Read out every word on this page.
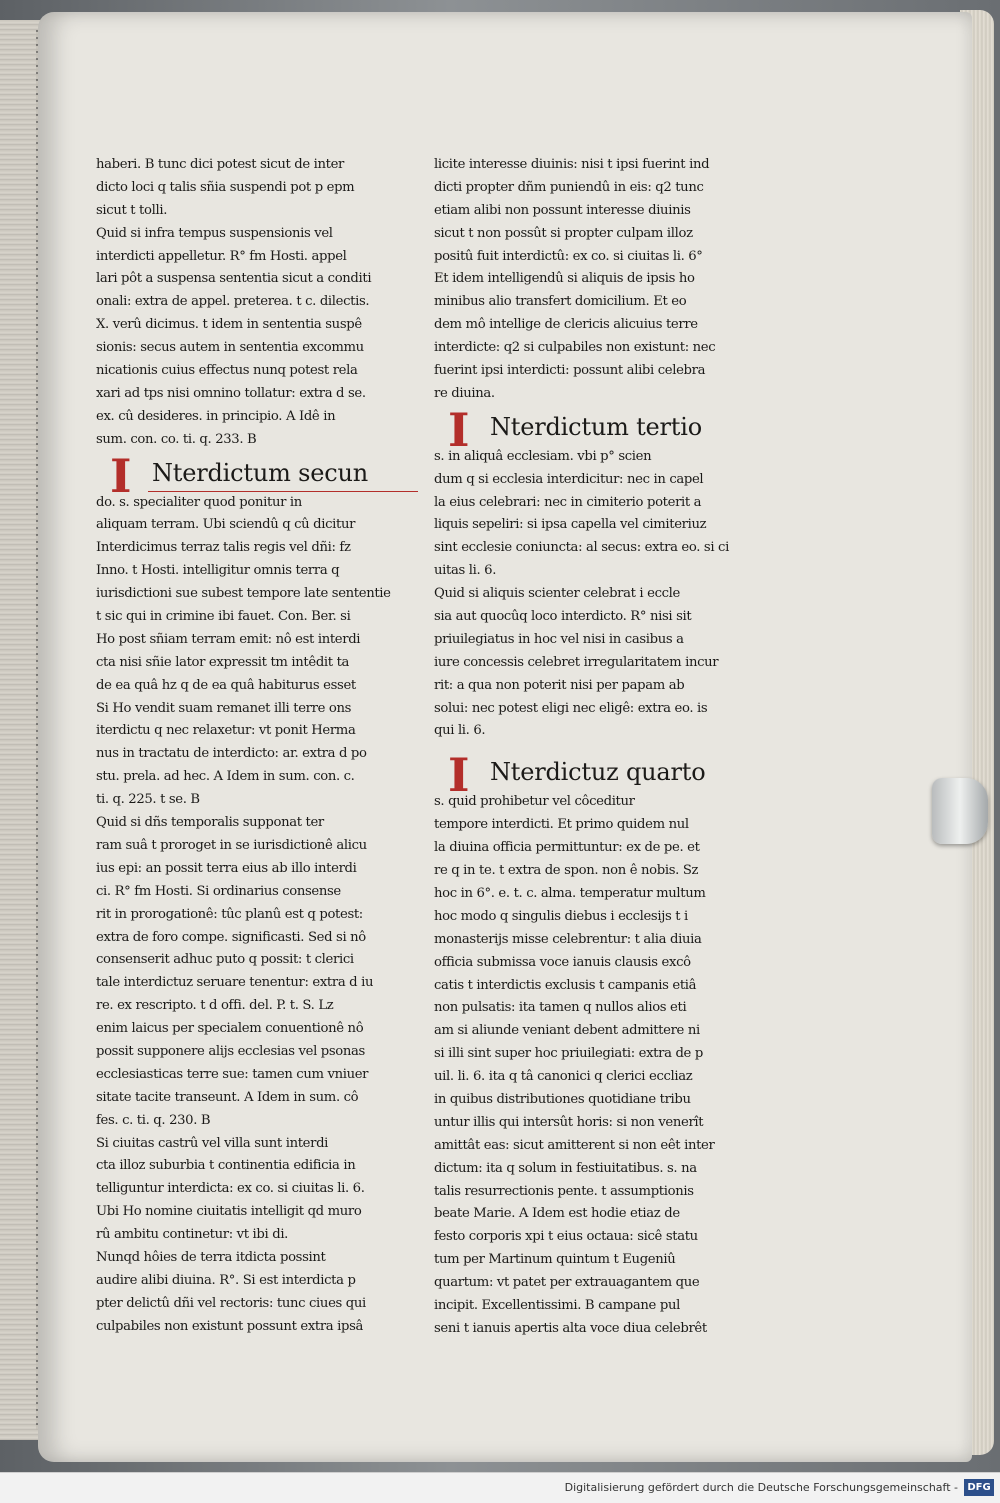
haberi. B tunc dici potest sicut de inter
dicto loci q talis sñia suspendi pot p epm
sicut t tolli.
Quid si infra tempus suspensionis vel
interdicti appelletur. R° fm Hosti. appel
lari pôt a suspensa sententia sicut a conditi
onali: extra de appel. preterea. t c. dilectis.
X. verû dicimus. t idem in sententia suspê
sionis: secus autem in sententia excommu
nicationis cuius effectus nunq potest rela
xari ad tps nisi omnino tollatur: extra d se.
ex. cû desideres. in principio. A Idê in
sum. con. co. ti. q. 233. B
I Nterdictum secun
do. s. specialiter quod ponitur in
aliquam terram. Ubi sciendû q cû dicitur
Interdicimus terraz talis regis vel dñi: fz
Inno. t Hosti. intelligitur omnis terra q
iurisdictioni sue subest tempore late sententie
t sic qui in crimine ibi fauet. Con. Ber. si
Ho post sñiam terram emit: nô est interdi
cta nisi sñie lator expressit tm intêdit ta
de ea quâ hz q de ea quâ habiturus esset
Si Ho vendit suam remanet illi terre ons
iterdictu q nec relaxetur: vt ponit Herma
nus in tractatu de interdicto: ar. extra d po
stu. prela. ad hec. A Idem in sum. con. c.
ti. q. 225. t se. B
Quid si dñs temporalis supponat ter
ram suâ t proroget in se iurisdictionê alicu
ius epi: an possit terra eius ab illo interdi
ci. R° fm Hosti. Si ordinarius consense
rit in prorogationê: tûc planû est q potest:
extra de foro compe. significasti. Sed si nô
consenserit adhuc puto q possit: t clerici
tale interdictuz seruare tenentur: extra d iu
re. ex rescripto. t d offi. del. P. t. S. Lz
enim laicus per specialem conuentionê nô
possit supponere alijs ecclesias vel psonas
ecclesiasticas terre sue: tamen cum vniuer
sitate tacite transeunt. A Idem in sum. cô
fes. c. ti. q. 230. B
Si ciuitas castrû vel villa sunt interdi
cta illoz suburbia t continentia edificia in
telliguntur interdicta: ex co. si ciuitas li. 6.
Ubi Ho nomine ciuitatis intelligit qd muro
rû ambitu continetur: vt ibi di.
Nunqd hôies de terra itdicta possint
audire alibi diuina. R°. Si est interdicta p
pter delictû dñi vel rectoris: tunc ciues qui
culpabiles non existunt possunt extra ipsâ
licite interesse diuinis: nisi t ipsi fuerint ind
dicti propter dñm puniendû in eis: q2 tunc
etiam alibi non possunt interesse diuinis
sicut t non possût si propter culpam illoz
positû fuit interdictû: ex co. si ciuitas li. 6°
Et idem intelligendû si aliquis de ipsis ho
minibus alio transfert domicilium. Et eo
dem mô intellige de clericis alicuius terre
interdicte: q2 si culpabiles non existunt: nec
fuerint ipsi interdicti: possunt alibi celebra
re diuina.
I Nterdictum tertio
s. in aliquâ ecclesiam. vbi p° scien
dum q si ecclesia interdicitur: nec in capel
la eius celebrari: nec in cimiterio poterit a
liquis sepeliri: si ipsa capella vel cimiteriuz
sint ecclesie coniuncta: al secus: extra eo. si ci
uitas li. 6.
Quid si aliquis scienter celebrat i eccle
sia aut quocûq loco interdicto. R° nisi sit
priuilegiatus in hoc vel nisi in casibus a
iure concessis celebret irregularitatem incur
rit: a qua non poterit nisi per papam ab
solui: nec potest eligi nec eligê: extra eo. is
qui li. 6.
I Nterdictuz quarto
s. quid prohibetur vel côceditur
tempore interdicti. Et primo quidem nul
la diuina officia permittuntur: ex de pe. et
re q in te. t extra de spon. non ê nobis. Sz
hoc in 6°. e. t. c. alma. temperatur multum
hoc modo q singulis diebus i ecclesijs t i
monasterijs misse celebrentur: t alia diuia
officia submissa voce ianuis clausis excô
catis t interdictis exclusis t campanis etiâ
non pulsatis: ita tamen q nullos alios eti
am si aliunde veniant debent admittere ni
si illi sint super hoc priuilegiati: extra de p
uil. li. 6. ita q tâ canonici q clerici eccliaz
in quibus distributiones quotidiane tribu
untur illis qui intersût horis: si non venerît
amittât eas: sicut amitterent si non eêt inter
dictum: ita q solum in festiuitatibus. s. na
talis resurrectionis pente. t assumptionis
beate Marie. A Idem est hodie etiaz de
festo corporis xpi t eius octaua: sicê statu
tum per Martinum quintum t Eugeniû
quartum: vt patet per extrauagantem que
incipit. Excellentissimi. B campane pul
seni t ianuis apertis alta voce diua celebrêt
Digitalisierung gefördert durch die Deutsche Forschungsgemeinschaft - DFG
